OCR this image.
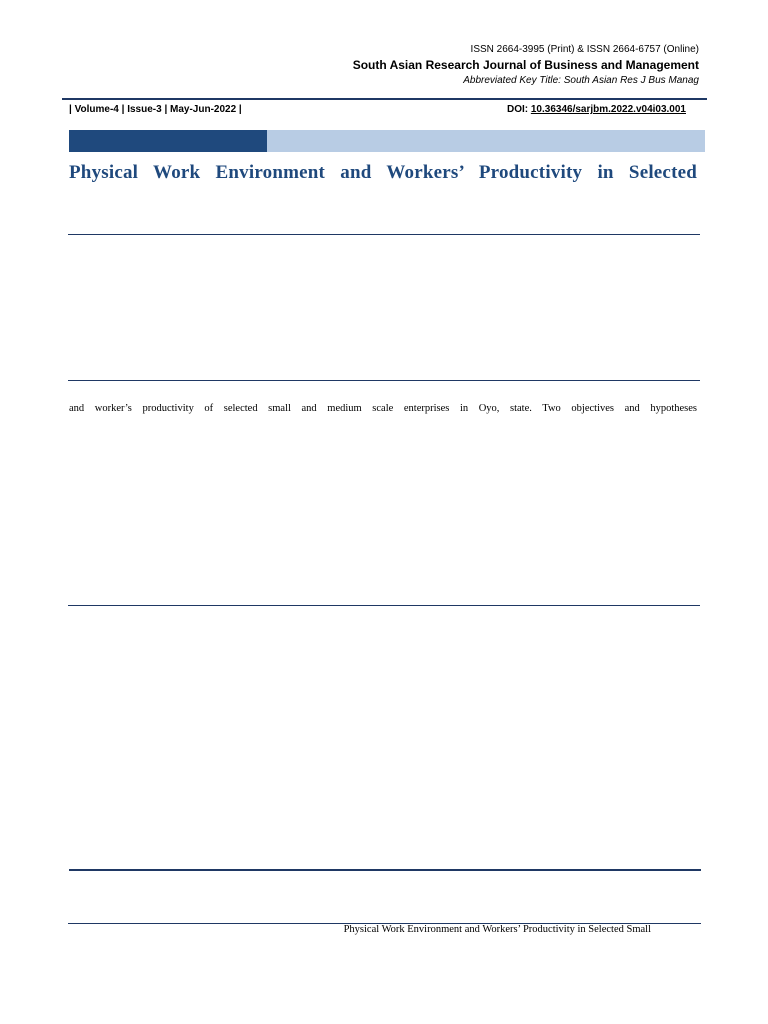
ISSN 2664-3995 (Print) & ISSN 2664-6757 (Online)
South Asian Research Journal of Business and Management
Abbreviated Key Title: South Asian Res J Bus Manag
| Volume-4 | Issue-3 | May-Jun-2022 |	DOI: 10.36346/sarjbm.2022.v04i03.001
Physical Work Environment and Workers’ Productivity in Selected
and worker’s productivity of selected small and medium scale enterprises in Oyo, state. Two objectives and hypotheses
Physical Work Environment and Workers’ Productivity in Selected Small
